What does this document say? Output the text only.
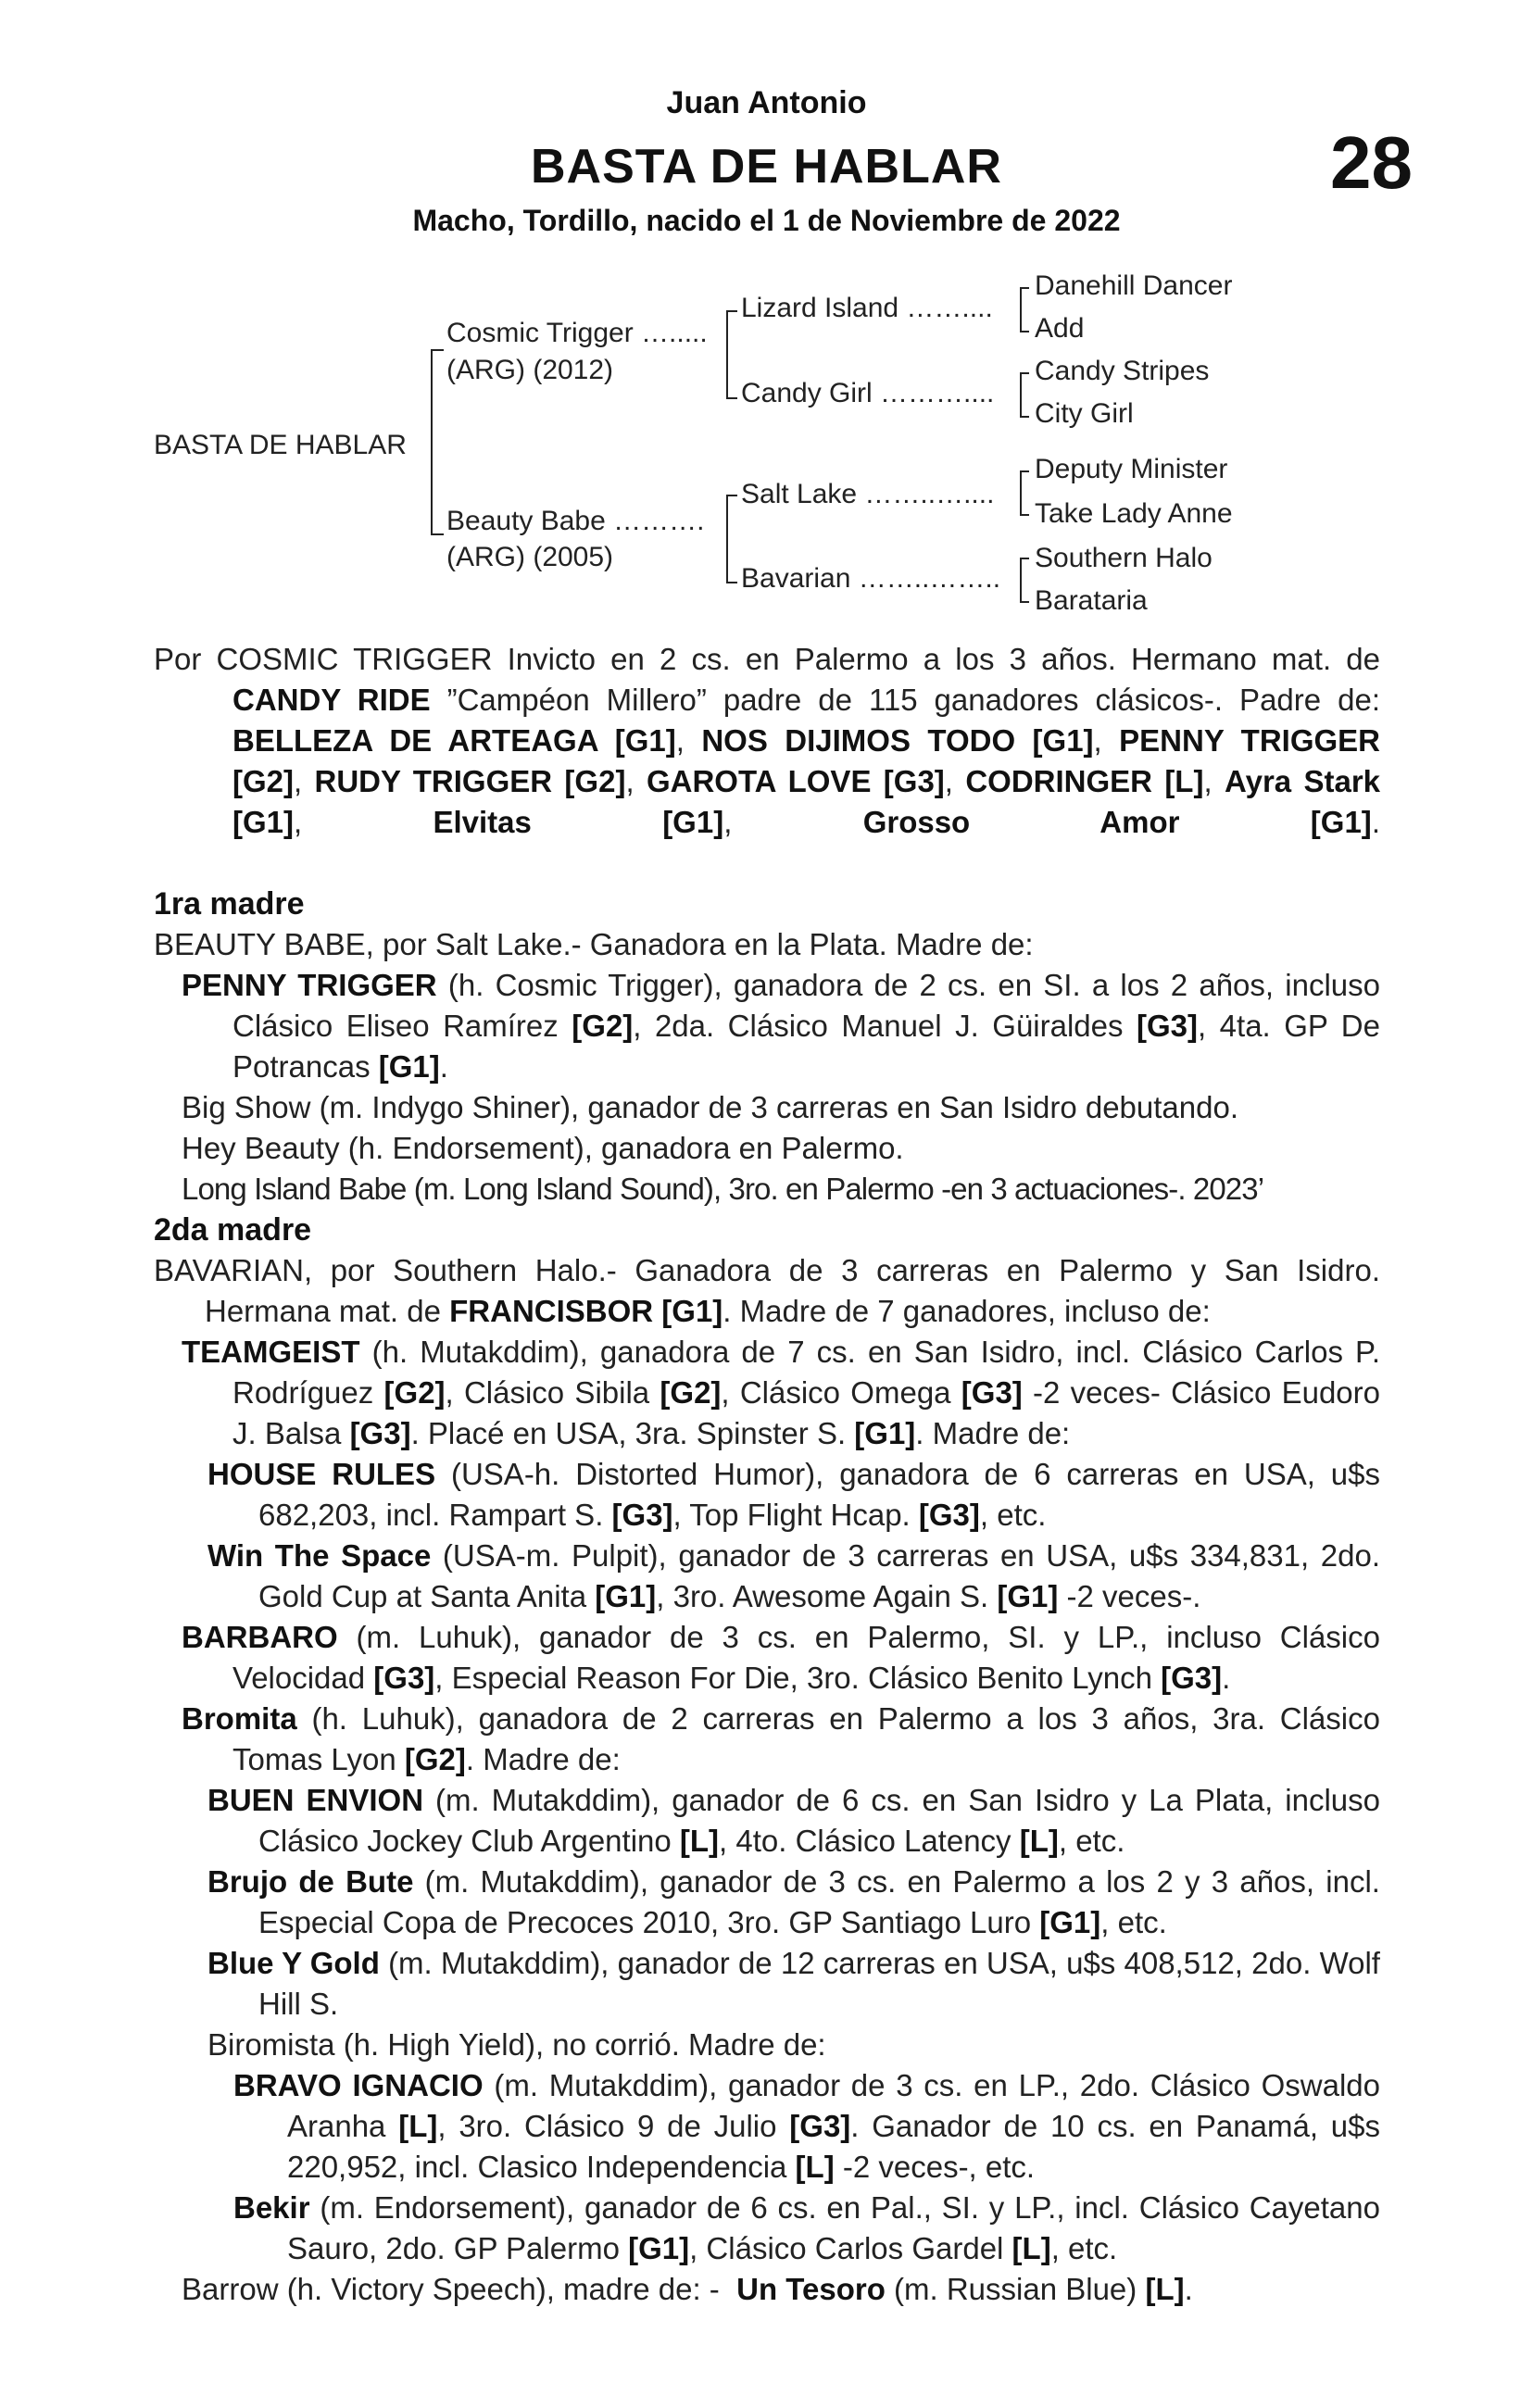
Juan Antonio
BASTA DE HABLAR	28
Macho, Tordillo, nacido el 1 de Noviembre de 2022
BASTA DE HABLAR
Cosmic Trigger ….....
(ARG) (2012)
Beauty Babe ……….
(ARG) (2005)
Lizard Island ……....
Candy Girl ………....
Salt Lake ……..…....
Bavarian ……..……..
Danehill Dancer
Add
Candy Stripes
City Girl
Deputy Minister
Take Lady Anne
Southern Halo
Barataria

Por COSMIC TRIGGER Invicto en 2 cs. en Palermo a los 3 años. Hermano mat. de

CANDY RIDE ”Campéon Millero” padre de 115 ganadores clásicos-. Padre de: BELLEZA DE ARTEAGA [G1], NOS DIJIMOS TODO [G1], PENNY TRIGGER [G2], RUDY TRIGGER [G2], GAROTA LOVE [G3], CODRINGER [L], Ayra Stark [G1], Elvitas [G1], Grosso Amor [G1].

1ra madre

BEAUTY BABE, por Salt Lake.- Ganadora en la Plata. Madre de:

PENNY TRIGGER (h. Cosmic Trigger), ganadora de 2 cs. en SI. a los 2 años, incluso Clásico Eliseo Ramírez [G2], 2da. Clásico Manuel J. Güiraldes [G3], 4ta. GP De Potrancas [G1].

Big Show (m. Indygo Shiner), ganador de 3 carreras en San Isidro debutando.

Hey Beauty (h. Endorsement), ganadora en Palermo.

Long Island Babe (m. Long Island Sound), 3ro. en Palermo -en 3 actuaciones-. 2023’

2da madre

BAVARIAN, por Southern Halo.- Ganadora de 3 carreras en Palermo y San Isidro. Hermana mat. de FRANCISBOR [G1]. Madre de 7 ganadores, incluso de:

TEAMGEIST (h. Mutakddim), ganadora de 7 cs. en San Isidro, incl. Clásico Carlos P. Rodríguez [G2], Clásico Sibila [G2], Clásico Omega [G3] -2 veces- Clásico Eudoro J. Balsa [G3]. Placé en USA, 3ra. Spinster S. [G1]. Madre de:

HOUSE RULES (USA-h. Distorted Humor), ganadora de 6 carreras en USA, u$s 682,203, incl. Rampart S. [G3], Top Flight Hcap. [G3], etc.

Win The Space (USA-m. Pulpit), ganador de 3 carreras en USA, u$s 334,831, 2do. Gold Cup at Santa Anita [G1], 3ro. Awesome Again S. [G1] -2 veces-.

BARBARO (m. Luhuk), ganador de 3 cs. en Palermo, SI. y LP., incluso Clásico Velocidad [G3], Especial Reason For Die, 3ro. Clásico Benito Lynch [G3].

Bromita (h. Luhuk), ganadora de 2 carreras en Palermo a los 3 años, 3ra. Clásico Tomas Lyon [G2]. Madre de:

BUEN ENVION (m. Mutakddim), ganador de 6 cs. en San Isidro y La Plata, incluso Clásico Jockey Club Argentino [L], 4to. Clásico Latency [L], etc.

Brujo de Bute (m. Mutakddim), ganador de 3 cs. en Palermo a los 2 y 3 años, incl. Especial Copa de Precoces 2010, 3ro. GP Santiago Luro [G1], etc.

Blue Y Gold (m. Mutakddim), ganador de 12 carreras en USA, u$s 408,512, 2do. Wolf Hill S.

Biromista (h. High Yield), no corrió. Madre de:

BRAVO IGNACIO (m. Mutakddim), ganador de 3 cs. en LP., 2do. Clásico Oswaldo Aranha [L], 3ro. Clásico 9 de Julio [G3]. Ganador de 10 cs. en Panamá, u$s 220,952, incl. Clasico Independencia [L] -2 veces-, etc.

Bekir (m. Endorsement), ganador de 6 cs. en Pal., SI. y LP., incl. Clásico Cayetano Sauro, 2do. GP Palermo [G1], Clásico Carlos Gardel [L], etc.

Barrow (h. Victory Speech), madre de: -  Un Tesoro (m. Russian Blue) [L].
